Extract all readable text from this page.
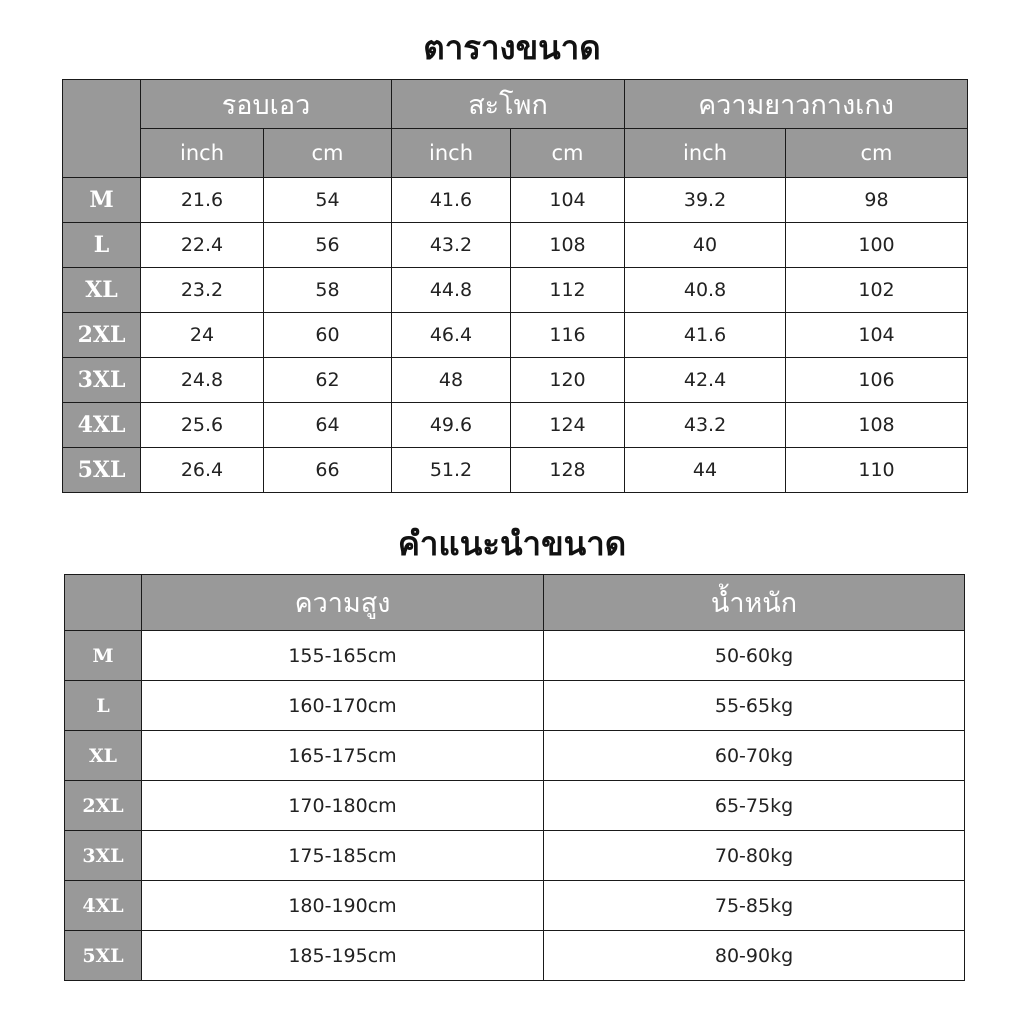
ตารางขนาด
	รอบเอว		สะโพก		ความยาวกางเกง	
	inch	cm	inch	cm	inch	cm
M	21.6	54	41.6	104	39.2	98
L	22.4	56	43.2	108	40	100
XL	23.2	58	44.8	112	40.8	102
2XL	24	60	46.4	116	41.6	104
3XL	24.8	62	48	120	42.4	106
4XL	25.6	64	49.6	124	43.2	108
5XL	26.4	66	51.2	128	44	110
คำแนะนำขนาด
	ความสูง	น้ำหนัก
M	155-165cm	50-60kg
L	160-170cm	55-65kg
XL	165-175cm	60-70kg
2XL	170-180cm	65-75kg
3XL	175-185cm	70-80kg
4XL	180-190cm	75-85kg
5XL	185-195cm	80-90kg
